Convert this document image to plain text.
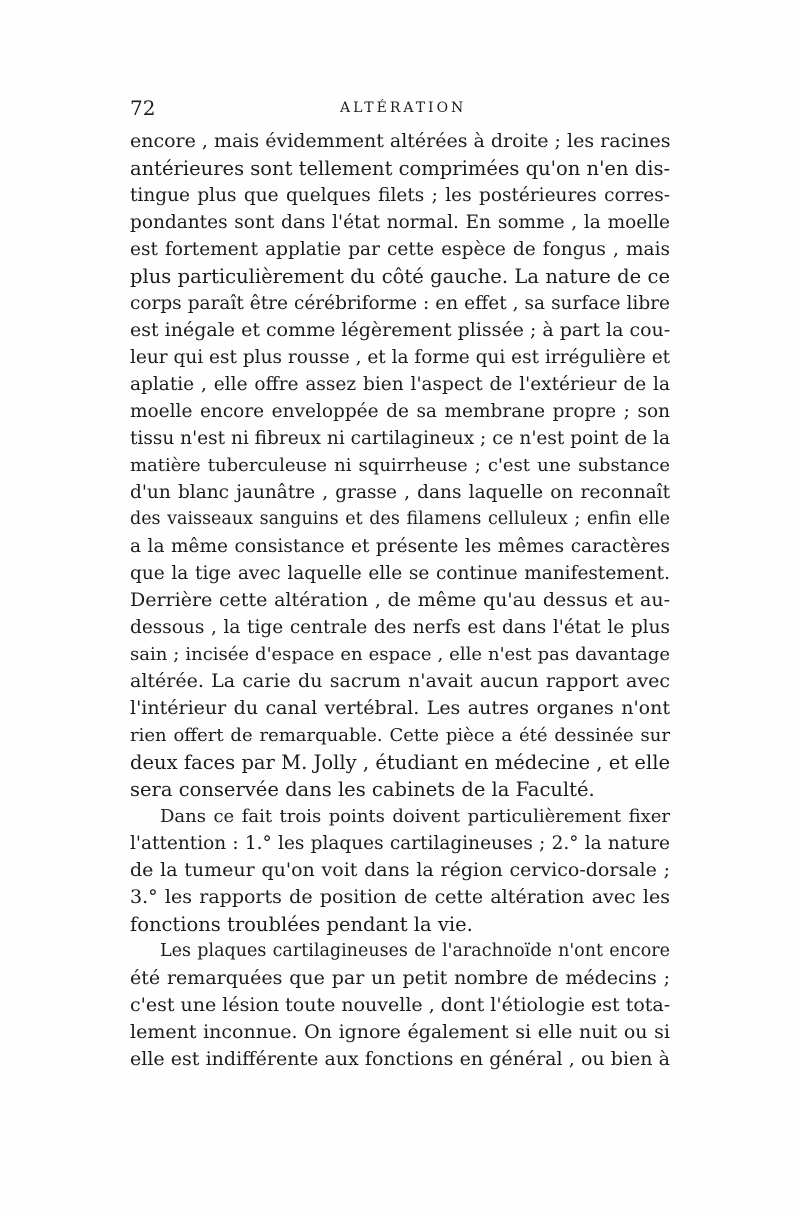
72	ALTÉRATION
encore , mais évidemment altérées à droite ; les racines
antérieures sont tellement comprimées qu'on n'en dis-
tingue plus que quelques filets ; les postérieures corres-
pondantes sont dans l'état normal. En somme , la moelle
est fortement applatie par cette espèce de fongus , mais
plus particulièrement du côté gauche. La nature de ce
corps paraît être cérébriforme : en effet , sa surface libre
est inégale et comme légèrement plissée ; à part la cou-
leur qui est plus rousse , et la forme qui est irrégulière et
aplatie , elle offre assez bien l'aspect de l'extérieur de la
moelle encore enveloppée de sa membrane propre ; son
tissu n'est ni fibreux ni cartilagineux ; ce n'est point de la
matière tuberculeuse ni squirrheuse ; c'est une substance
d'un blanc jaunâtre , grasse , dans laquelle on reconnaît
des vaisseaux sanguins et des filamens celluleux ; enfin elle
a la même consistance et présente les mêmes caractères
que la tige avec laquelle elle se continue manifestement.
Derrière cette altération , de même qu'au dessus et au-
dessous , la tige centrale des nerfs est dans l'état le plus
sain ; incisée d'espace en espace , elle n'est pas davantage
altérée. La carie du sacrum n'avait aucun rapport avec
l'intérieur du canal vertébral. Les autres organes n'ont
rien offert de remarquable. Cette pièce a été dessinée sur
deux faces par M. Jolly , étudiant en médecine , et elle
sera conservée dans les cabinets de la Faculté.
Dans ce fait trois points doivent particulièrement fixer
l'attention : 1.° les plaques cartilagineuses ; 2.° la nature
de la tumeur qu'on voit dans la région cervico-dorsale ;
3.° les rapports de position de cette altération avec les
fonctions troublées pendant la vie.
Les plaques cartilagineuses de l'arachnoïde n'ont encore
été remarquées que par un petit nombre de médecins ;
c'est une lésion toute nouvelle , dont l'étiologie est tota-
lement inconnue. On ignore également si elle nuit ou si
elle est indifférente aux fonctions en général , ou bien à
